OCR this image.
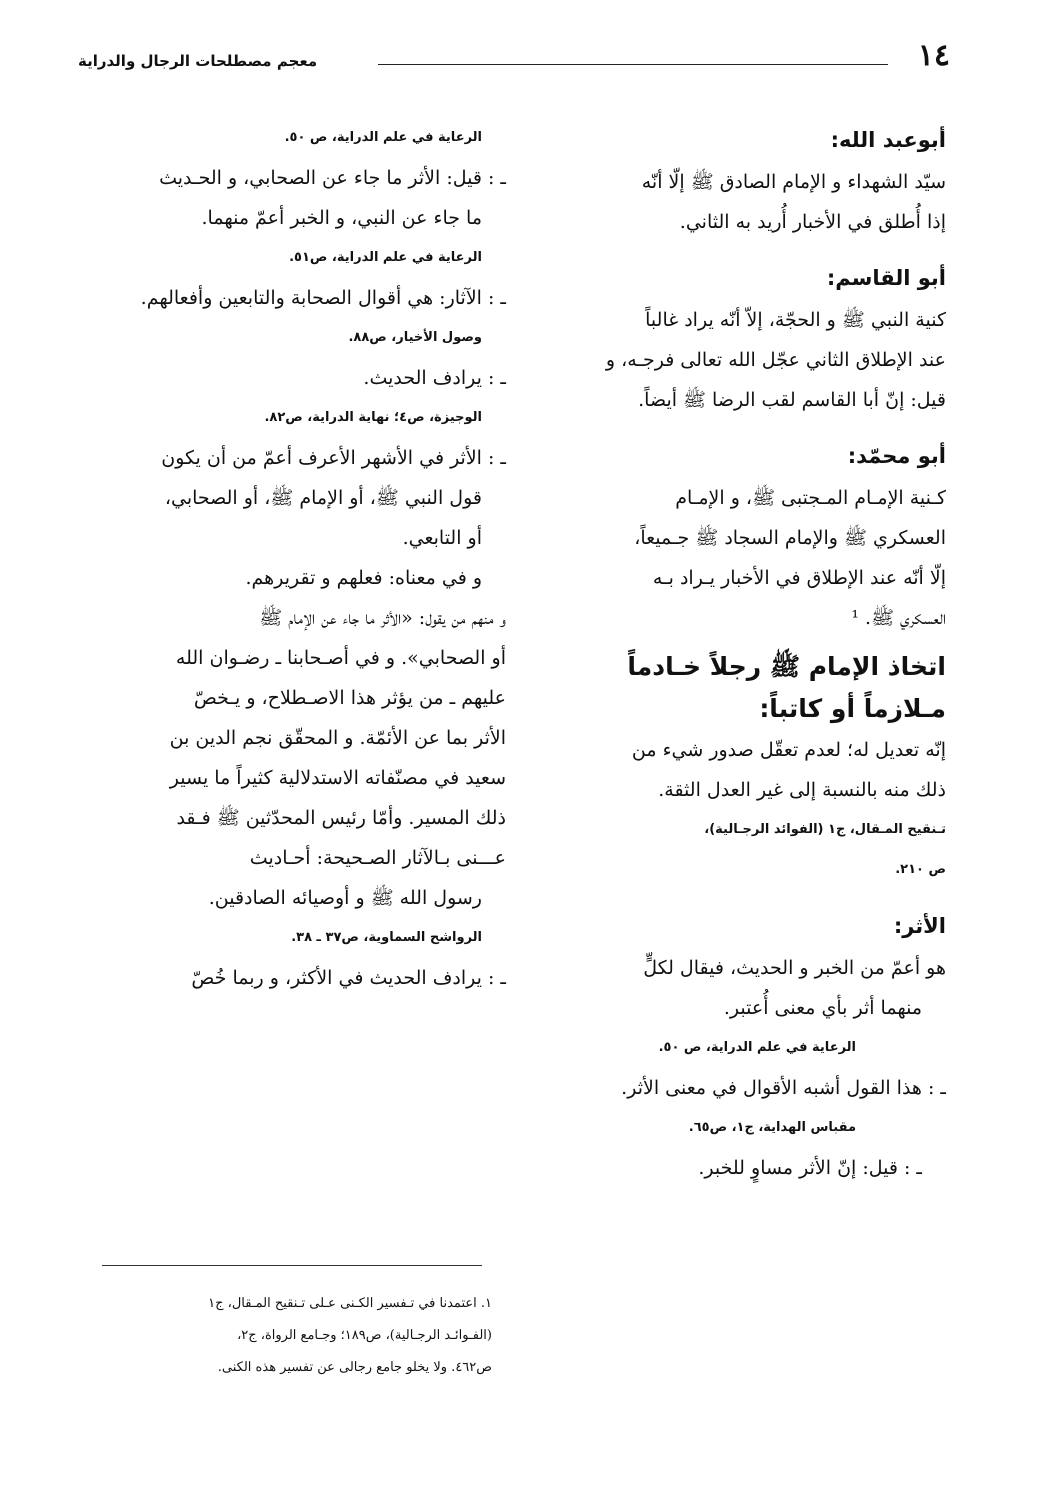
١٤
معجم مصطلحات الرجال والدراية

أبوعبد الله:

سيّد الشهداء و الإمام الصادق ﷺ إلّا أنّه

إذا أُطلق في الأخبار أُريد به الثاني.

أبو القاسم:

كنية النبي ﷺ و الحجّة، إلاّ أنّه يراد غالباً

عند الإطلاق الثاني عجّل الله تعالى فرجـه، و

قيل: إنّ أبا القاسم لقب الرضا ﷺ أيضاً.

أبو محمّد:

كـنية الإمـام المـجتبى ﷺ، و الإمـام

العسكري ﷺ والإمام السجاد ﷺ جـميعاً،

إلّا أنّه عند الإطلاق في الأخبار يـراد بـه

العسكري ﷺ. ¹

اتخاذ الإمام ﷺ رجلاً خـادماً مـلازماً أو كاتباً:

إنّه تعديل له؛ لعدم تعقّل صدور شيء من

ذلك منه بالنسبة إلى غير العدل الثقة.

تـنقيح المـقال، ج١ (الفوائد الرجـالية)،

ص ٢١٠.

الأثر:

هو أعمّ من الخبر و الحديث، فيقال لكلٍّ

منهما أثر بأي معنى أُعتبر.

الرعاية في علم الدراية، ص ٥٠.

ـ : هذا القول أشبه الأقوال في معنى الأثر.

مقباس الهداية، ج١، ص٦٥.

ـ : قيل: إنّ الأثر مساوٍ للخبر.

الرعاية في علم الدراية، ص ٥٠.

ـ : قيل: الأثر ما جاء عن الصحابي، و الحـديث

ما جاء عن النبي، و الخبر أعمّ منهما.

الرعاية في علم الدراية، ص٥١.

ـ : الآثار: هي أقوال الصحابة والتابعين وأفعالهم.

وصول الأخيار، ص٨٨.

ـ : يرادف الحديث.

الوجيزة، ص٤؛ نهاية الدراية، ص٨٢.

ـ : الأثر في الأشهر الأعرف أعمّ من أن يكون

قول النبي ﷺ، أو الإمام ﷺ، أو الصحابي،

أو التابعي.

و في معناه: فعلهم و تقريرهم.

و منهم من يقول: «الأثر ما جاء عن الإمام ﷺ

أو الصحابي». و في أصـحابنا ـ رضـوان الله

عليهم ـ من يؤثر هذا الاصـطلاح، و يـخصّ

الأثر بما عن الأئمّة. و المحقّق نجم الدين بن

سعيد في مصنّفاته الاستدلالية كثيراً ما يسير

ذلك المسير. وأمّا رئيس المحدّثين ﷺ فـقد

عـــنى بـالآثار الصـحيحة: أحـاديث

رسول الله ﷺ و أوصيائه الصادقين.

الرواشح السماوية، ص٣٧ ـ ٣٨.

ـ : يرادف الحديث في الأكثر، و ربما خُصّ

١. اعتمدنا في تـفسير الكـنى عـلى تـنقيح المـقال، ج١

(الفـوائـد الرجـالية)، ص١٨٩؛ وجـامع الرواة، ج٢،

ص٤٦٢. ولا يخلو جامع رجالى عن تفسير هذه الكنى.
